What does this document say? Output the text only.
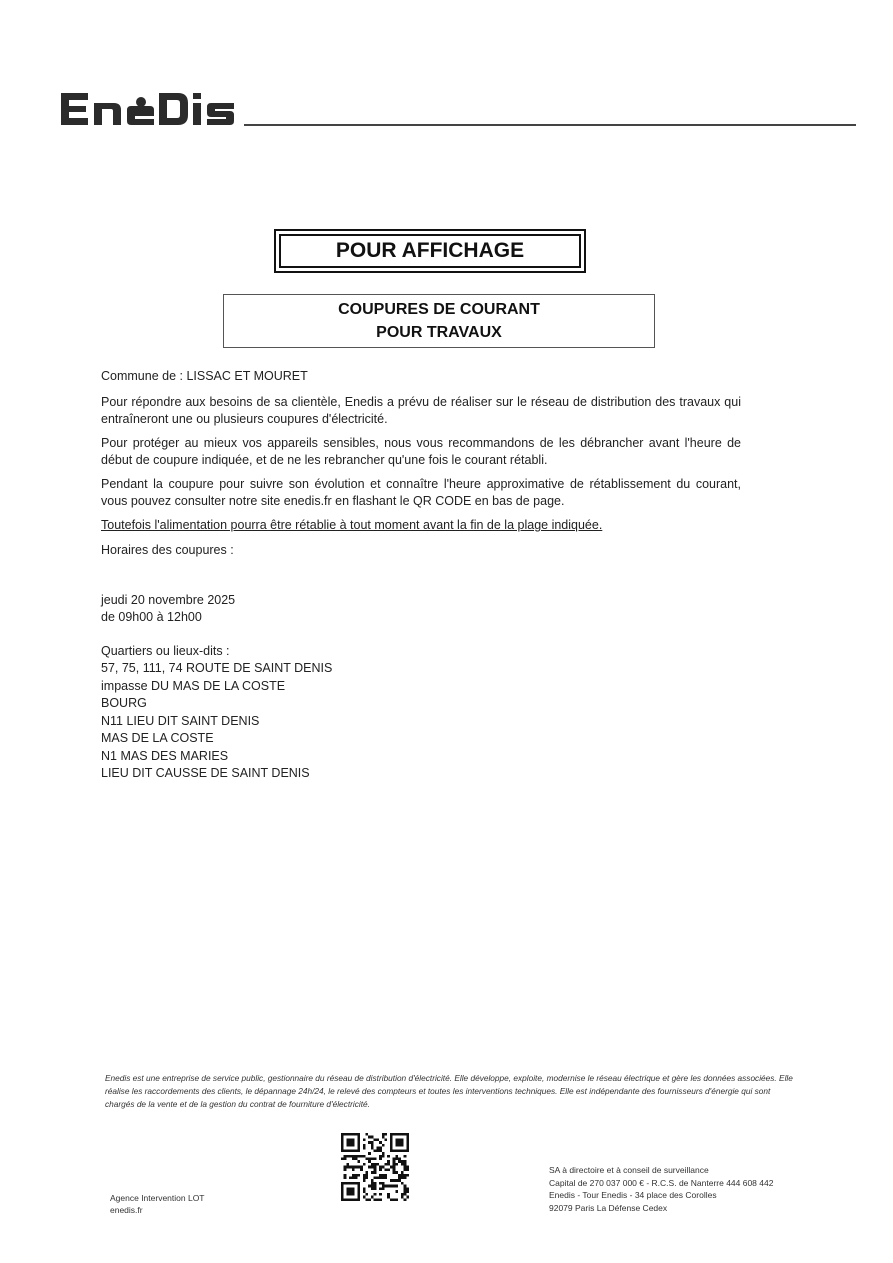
POUR AFFICHAGE
COUPURES DE COURANT
POUR TRAVAUX

Commune de : LISSAC ET MOURET

Pour répondre aux besoins de sa clientèle, Enedis a prévu de réaliser sur le réseau de distribution des travaux qui entraîneront une ou plusieurs coupures d'électricité.

Pour protéger au mieux vos appareils sensibles, nous vous recommandons de les débrancher avant l'heure de début de coupure indiquée, et de ne les rebrancher qu'une fois le courant rétabli.

Pendant la coupure pour suivre son évolution et connaître l'heure approximative de rétablissement du courant, vous pouvez consulter notre site enedis.fr en flashant le QR CODE en bas de page.

Toutefois l'alimentation pourra être rétablie à tout moment avant la fin de la plage indiquée.

Horaires des coupures :

jeudi 20 novembre 2025

de 09h00 à 12h00

Quartiers ou lieux-dits :

57, 75, 111, 74 ROUTE DE SAINT DENIS
impasse DU MAS DE LA COSTE
BOURG
N11 LIEU DIT SAINT DENIS
MAS DE LA COSTE
N1 MAS DES MARIES
LIEU DIT CAUSSE DE SAINT DENIS
Enedis est une entreprise de service public, gestionnaire du réseau de distribution d'électricité. Elle développe, exploite, modernise le réseau électrique et gère les données associées. Elle réalise les raccordements des clients, le dépannage 24h/24, le relevé des compteurs et toutes les interventions techniques. Elle est indépendante des fournisseurs d'énergie qui sont chargés de la vente et de la gestion du contrat de fourniture d'électricité.
Agence Intervention LOT
enedis.fr
SA à directoire et à conseil de surveillance
Capital de 270 037 000 € - R.C.S. de Nanterre 444 608 442
Enedis - Tour Enedis - 34 place des Corolles
92079 Paris La Défense Cedex
